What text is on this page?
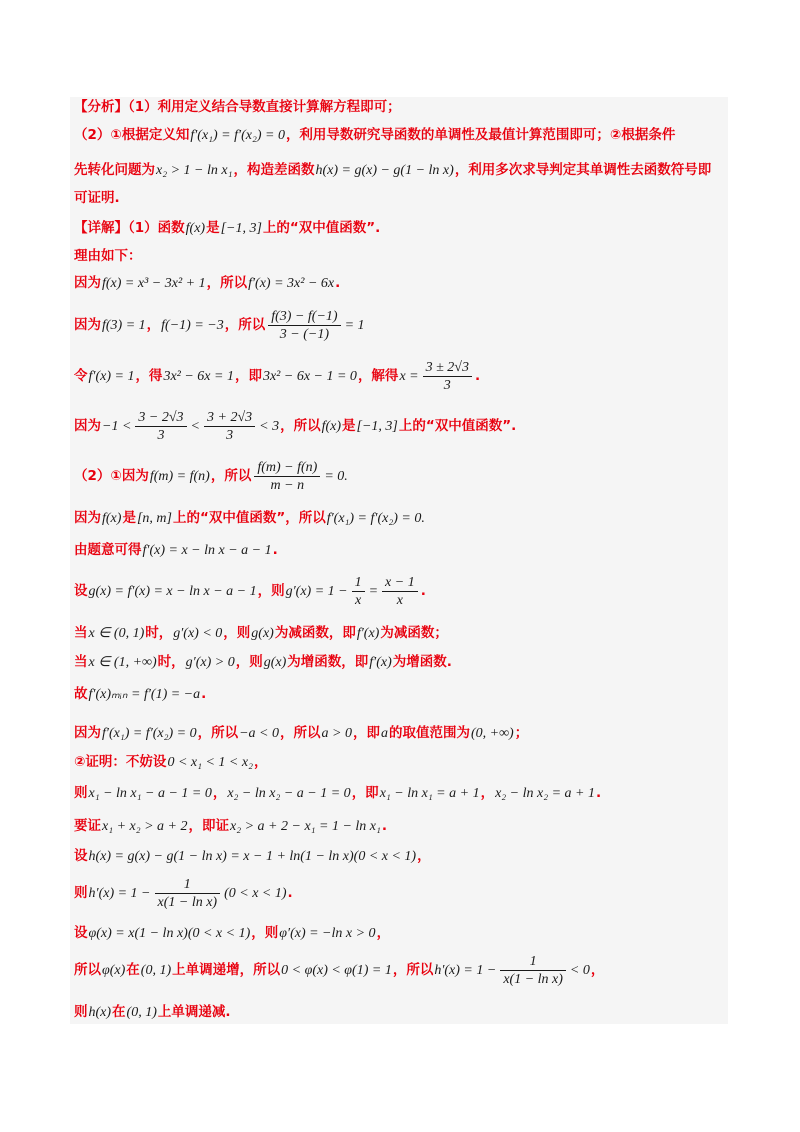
【分析】（1）利用定义结合导数直接计算解方程即可；
（2）①根据定义知f′(x₁) = f′(x₂) = 0，利用导数研究导函数的单调性及最值计算范围即可；②根据条件
先转化问题为x₂ > 1 − ln x₁，构造差函数h(x) = g(x) − g(1 − ln x)，利用多次求导判定其单调性去函数符号即
可证明.
【详解】（1）函数f(x)是[−1, 3]上的“双中值函数”.
理由如下：
因为f(x) = x³ − 3x² + 1，所以f′(x) = 3x² − 6x.
因为f(3) = 1，f(−1) = −3，所以 $\frac{f(3) - f(-1)}{3 - (-1)} = 1$
令f′(x) = 1，得3x² − 6x = 1，即3x² − 6x − 1 = 0，解得$x = \frac{3 \pm 2√3}{3}$ .
因为$-1 < \frac{3 - 2√3}{3} < \frac{3 + 2√3}{3} < 3$，所以f(x)是[−1, 3]上的“双中值函数”.
（2）①因为f(m) = f(n)，所以 $\frac{f(m) - f(n)}{m - n} = 0$.
因为f(x)是[n, m]上的“双中值函数”，所以f′(x₁) = f′(x₂) = 0.
由题意可得f′(x) = x − ln x − a − 1.
设g(x) = f′(x) = x − ln x − a − 1，则$g'(x) = 1 - \frac{1}{x} = \frac{x - 1}{x}$ .
当x ∈ (0, 1)时，g′(x) < 0，则g(x)为减函数，即f′(x)为减函数；
当x ∈ (1, +∞)时，g′(x) > 0，则g(x)为增函数，即f′(x)为增函数.
故f′(x)ₘᵢₙ = f′(1) = −a.
因为f′(x₁) = f′(x₂) = 0，所以−a < 0，所以a > 0，即a的取值范围为(0, +∞)；
②证明：不妨设0 < x₁ < 1 < x₂，
则x₁ − ln x₁ − a − 1 = 0，x₂ − ln x₂ − a − 1 = 0，即x₁ − ln x₁ = a + 1，x₂ − ln x₂ = a + 1.
要证x₁ + x₂ > a + 2，即证x₂ > a + 2 − x₁ = 1 − ln x₁.
设h(x) = g(x) − g(1 − ln x) = x − 1 + ln(1 − ln x)(0 < x < 1)，
则$h'(x) = 1 - \frac{1}{\text{x(1 − ln x)}} (0 < x < 1)$.
设φ(x) = x(1 − ln x)(0 < x < 1)，则φ′(x) = −ln x > 0，
所以φ(x)在(0, 1)上单调递增，所以0 < φ(x) < φ(1) = 1，所以$h'(x) = 1 - \frac{1}{\text{x(1 − ln x)}} < 0$，
则h(x)在(0, 1)上单调递减.
